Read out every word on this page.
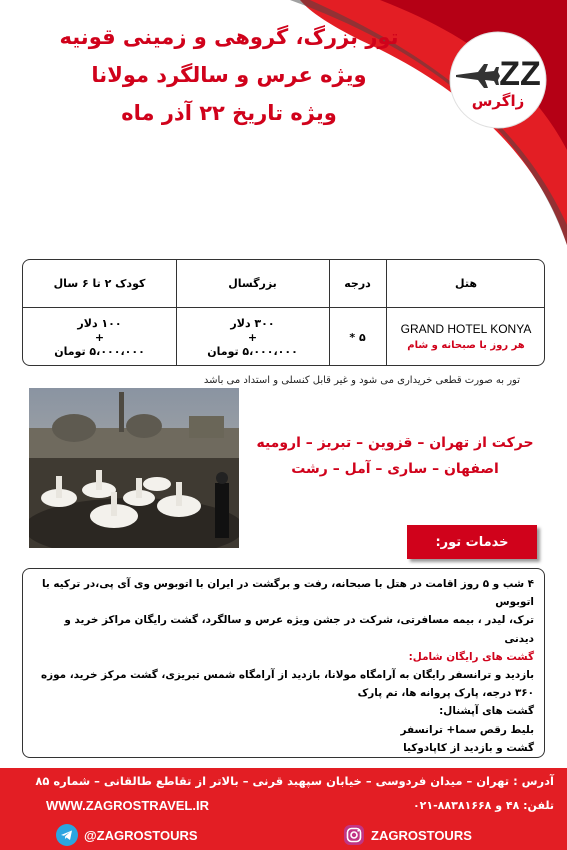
تور بزرگ، گروهی و زمینی قونیه
ویژه عرس و سالگرد مولانا
ویژه تاریخ ۲۲ آذر ماه
ZZ
زاگرس
هتل
درجه
بزرگسال
کودک ۲ تا ۶ سال
GRAND HOTEL KONYA
هر روز با صبحانه و شام
۵ *
۳۰۰ دلار
+
۵،۰۰۰،۰۰۰ تومان
۱۰۰ دلار
+
۵،۰۰۰،۰۰۰ تومان
تور به صورت قطعی خریداری می شود و غیر قابل کنسلی و استداد می باشد
حرکت از تهران – قزوین – تبریز – ارومیه
اصفهان – ساری – آمل – رشت
خدمات تور:
۴ شب و ۵ روز اقامت در هتل با صبحانه، رفت و برگشت در ایران با اتوبوس وی آی پی،در ترکیه با اتوبوس
ترک، لیدر ، بیمه مسافرتی، شرکت در جشن ویژه عرس و سالگرد، گشت رایگان مراکز خرید و دیدنی
گشت های رایگان شامل:
بازدید و ترانسفر رایگان به آرامگاه مولانا، بازدید از آرامگاه شمس تبریزی، گشت مرکز خرید، موزه
۳۶۰ درجه، پارک پروانه ها، تم پارک
گشت های آپشنال:
بلیط رقص سما+ ترانسفر
گشت و بازدید از کاپادوکیا
آدرس : تهران – میدان فردوسی – خیابان سپهبد قرنی – بالاتر از تقاطع طالقانی – شماره ۸۵
WWW.ZAGROSTRAVEL.IR	تلفن: ۴۸ و ۸۸۳۸۱۶۶۸-۰۲۱
@ZAGROSTOURS	ZAGROSTOURS
